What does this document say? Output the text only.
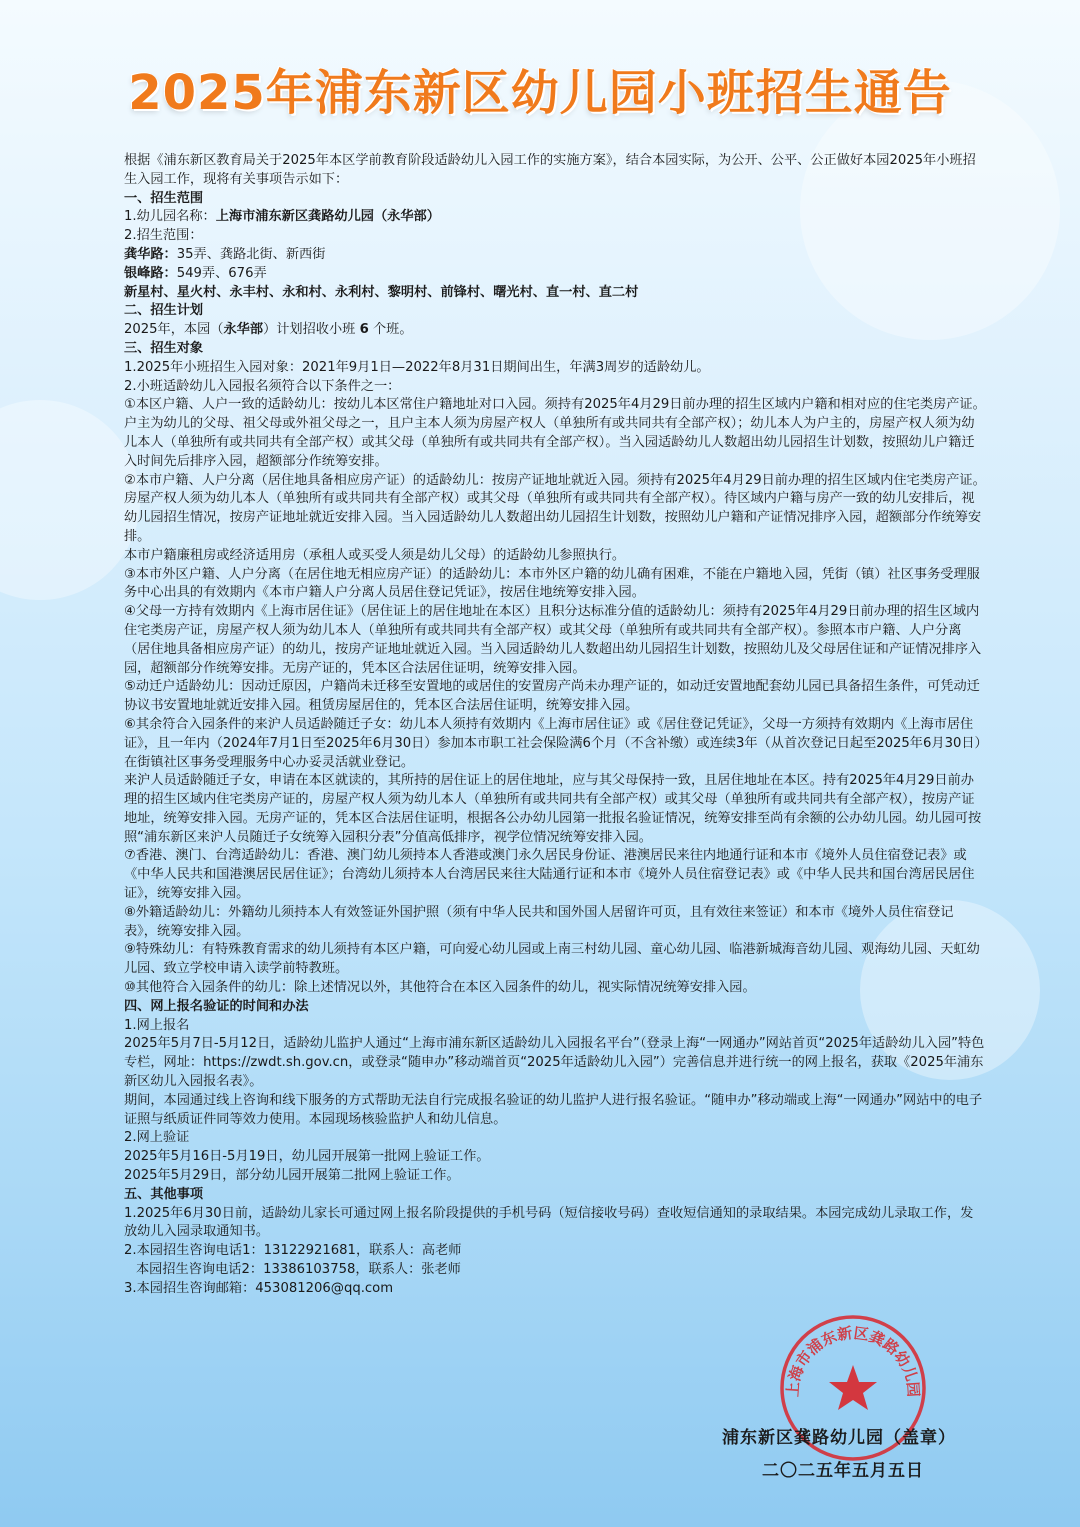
2025年浦东新区幼儿园小班招生通告

根据《浦东新区教育局关于2025年本区学前教育阶段适龄幼儿入园工作的实施方案》，结合本园实际，为公开、公平、公正做好本园2025年小班招生入园工作，现将有关事项告示如下：

一、招生范围

1.幼儿园名称：上海市浦东新区龚路幼儿园（永华部）

2.招生范围：

龚华路：35弄、龚路北街、新西街

银峰路：549弄、676弄

新星村、星火村、永丰村、永和村、永利村、黎明村、前锋村、曙光村、直一村、直二村

二、招生计划

2025年，本园（永华部）计划招收小班 6 个班。

三、招生对象

1.2025年小班招生入园对象：2021年9月1日—2022年8月31日期间出生，年满3周岁的适龄幼儿。

2.小班适龄幼儿入园报名须符合以下条件之一：

①本区户籍、人户一致的适龄幼儿：按幼儿本区常住户籍地址对口入园。须持有2025年4月29日前办理的招生区域内户籍和相对应的住宅类房产证。户主为幼儿的父母、祖父母或外祖父母之一，且户主本人须为房屋产权人（单独所有或共同共有全部产权）；幼儿本人为户主的，房屋产权人须为幼儿本人（单独所有或共同共有全部产权）或其父母（单独所有或共同共有全部产权）。当入园适龄幼儿人数超出幼儿园招生计划数，按照幼儿户籍迁入时间先后排序入园，超额部分作统筹安排。

②本市户籍、人户分离（居住地具备相应房产证）的适龄幼儿：按房产证地址就近入园。须持有2025年4月29日前办理的招生区域内住宅类房产证。房屋产权人须为幼儿本人（单独所有或共同共有全部产权）或其父母（单独所有或共同共有全部产权）。待区域内户籍与房产一致的幼儿安排后，视幼儿园招生情况，按房产证地址就近安排入园。当入园适龄幼儿人数超出幼儿园招生计划数，按照幼儿户籍和产证情况排序入园，超额部分作统筹安排。

本市户籍廉租房或经济适用房（承租人或买受人须是幼儿父母）的适龄幼儿参照执行。

③本市外区户籍、人户分离（在居住地无相应房产证）的适龄幼儿：本市外区户籍的幼儿确有困难，不能在户籍地入园，凭街（镇）社区事务受理服务中心出具的有效期内《本市户籍人户分离人员居住登记凭证》，按居住地统筹安排入园。

④父母一方持有效期内《上海市居住证》（居住证上的居住地址在本区）且积分达标准分值的适龄幼儿：须持有2025年4月29日前办理的招生区域内住宅类房产证，房屋产权人须为幼儿本人（单独所有或共同共有全部产权）或其父母（单独所有或共同共有全部产权）。参照本市户籍、人户分离（居住地具备相应房产证）的幼儿，按房产证地址就近入园。当入园适龄幼儿人数超出幼儿园招生计划数，按照幼儿及父母居住证和产证情况排序入园，超额部分作统筹安排。无房产证的，凭本区合法居住证明，统筹安排入园。

⑤动迁户适龄幼儿：因动迁原因，户籍尚未迁移至安置地的或居住的安置房产尚未办理产证的，如动迁安置地配套幼儿园已具备招生条件，可凭动迁协议书安置地址就近安排入园。租赁房屋居住的，凭本区合法居住证明，统筹安排入园。

⑥其余符合入园条件的来沪人员适龄随迁子女：幼儿本人须持有效期内《上海市居住证》或《居住登记凭证》，父母一方须持有效期内《上海市居住证》，且一年内（2024年7月1日至2025年6月30日）参加本市职工社会保险满6个月（不含补缴）或连续3年（从首次登记日起至2025年6月30日）在街镇社区事务受理服务中心办妥灵活就业登记。

来沪人员适龄随迁子女，申请在本区就读的，其所持的居住证上的居住地址，应与其父母保持一致，且居住地址在本区。持有2025年4月29日前办理的招生区域内住宅类房产证的，房屋产权人须为幼儿本人（单独所有或共同共有全部产权）或其父母（单独所有或共同共有全部产权），按房产证地址，统筹安排入园。无房产证的，凭本区合法居住证明，根据各公办幼儿园第一批报名验证情况，统筹安排至尚有余额的公办幼儿园。幼儿园可按照“浦东新区来沪人员随迁子女统筹入园积分表”分值高低排序，视学位情况统筹安排入园。

⑦香港、澳门、台湾适龄幼儿：香港、澳门幼儿须持本人香港或澳门永久居民身份证、港澳居民来往内地通行证和本市《境外人员住宿登记表》或《中华人民共和国港澳居民居住证》；台湾幼儿须持本人台湾居民来往大陆通行证和本市《境外人员住宿登记表》或《中华人民共和国台湾居民居住证》，统筹安排入园。

⑧外籍适龄幼儿：外籍幼儿须持本人有效签证外国护照（须有中华人民共和国外国人居留许可页，且有效往来签证）和本市《境外人员住宿登记表》，统筹安排入园。

⑨特殊幼儿：有特殊教育需求的幼儿须持有本区户籍，可向爱心幼儿园或上南三村幼儿园、童心幼儿园、临港新城海音幼儿园、观海幼儿园、天虹幼儿园、致立学校申请入读学前特教班。

⑩其他符合入园条件的幼儿：除上述情况以外，其他符合在本区入园条件的幼儿，视实际情况统筹安排入园。

四、网上报名验证的时间和办法

1.网上报名

2025年5月7日-5月12日，适龄幼儿监护人通过“上海市浦东新区适龄幼儿入园报名平台”（登录上海“一网通办”网站首页“2025年适龄幼儿入园”特色专栏，网址：https://zwdt.sh.gov.cn，或登录“随申办”移动端首页“2025年适龄幼儿入园”）完善信息并进行统一的网上报名，获取《2025年浦东新区幼儿入园报名表》。

期间，本园通过线上咨询和线下服务的方式帮助无法自行完成报名验证的幼儿监护人进行报名验证。“随申办”移动端或上海“一网通办”网站中的电子证照与纸质证件同等效力使用。本园现场核验监护人和幼儿信息。

2.网上验证

2025年5月16日-5月19日，幼儿园开展第一批网上验证工作。

2025年5月29日，部分幼儿园开展第二批网上验证工作。

五、其他事项

1.2025年6月30日前，适龄幼儿家长可通过网上报名阶段提供的手机号码（短信接收号码）查收短信通知的录取结果。本园完成幼儿录取工作，发放幼儿入园录取通知书。

2.本园招生咨询电话1：13122921681，联系人：高老师

本园招生咨询电话2：13386103758，联系人：张老师

3.本园招生咨询邮箱：453081206@qq.com

上海市浦东新区龚路幼儿园
浦东新区龚路幼儿园（盖章）
二〇二五年五月五日
